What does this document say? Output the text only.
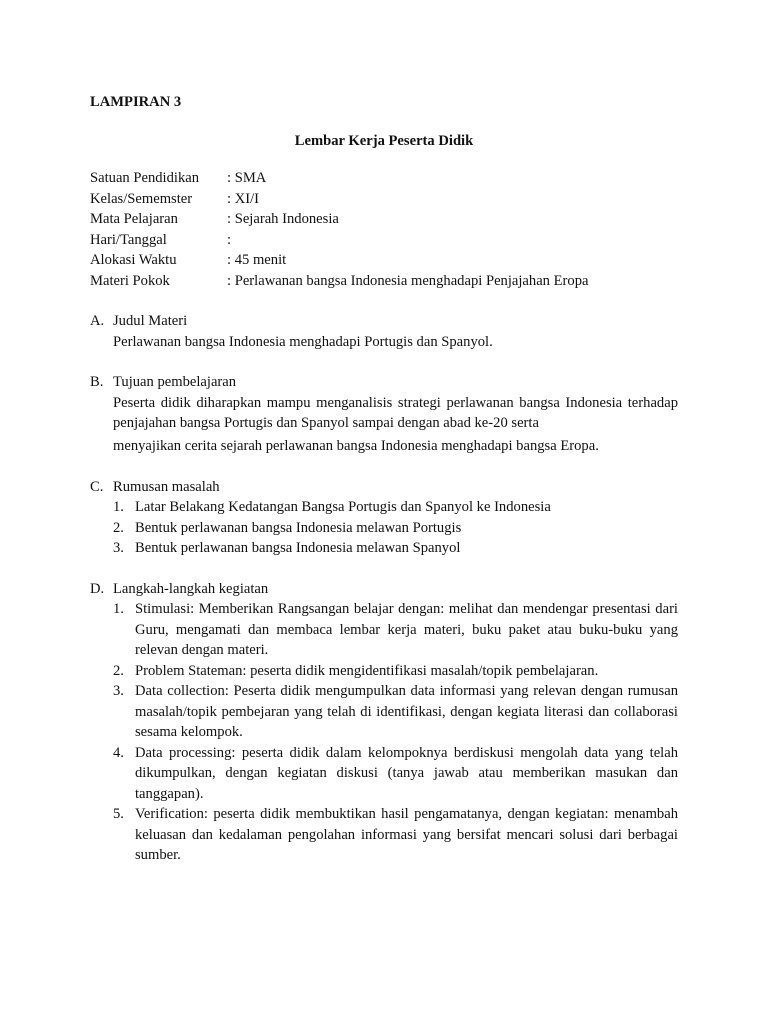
LAMPIRAN 3
Lembar Kerja Peserta Didik
Satuan Pendidikan	: SMA
Kelas/Sememster	: XI/I
Mata Pelajaran	: Sejarah Indonesia
Hari/Tanggal	:
Alokasi Waktu	: 45 menit
Materi Pokok	: Perlawanan bangsa Indonesia menghadapi Penjajahan Eropa
A. Judul Materi
Perlawanan bangsa Indonesia menghadapi Portugis dan Spanyol.
B. Tujuan pembelajaran
Peserta didik diharapkan mampu menganalisis strategi perlawanan bangsa Indonesia terhadap penjajahan bangsa Portugis dan Spanyol sampai dengan abad ke-20 serta
menyajikan cerita sejarah perlawanan bangsa Indonesia menghadapi bangsa Eropa.
C. Rumusan masalah
1. Latar Belakang Kedatangan Bangsa Portugis dan Spanyol ke Indonesia
2. Bentuk perlawanan bangsa Indonesia melawan Portugis
3. Bentuk perlawanan bangsa Indonesia melawan Spanyol
D. Langkah-langkah kegiatan
1. Stimulasi: Memberikan Rangsangan belajar dengan: melihat dan mendengar presentasi dari Guru, mengamati dan membaca lembar kerja materi, buku paket atau buku-buku yang relevan dengan materi.
2. Problem Stateman: peserta didik mengidentifikasi masalah/topik pembelajaran.
3. Data collection: Peserta didik mengumpulkan data informasi yang relevan dengan rumusan masalah/topik pembejaran yang telah di identifikasi, dengan kegiata literasi dan collaborasi sesama kelompok.
4. Data processing: peserta didik dalam kelompoknya berdiskusi mengolah data yang telah dikumpulkan, dengan kegiatan diskusi (tanya jawab atau memberikan masukan dan tanggapan).
5. Verification: peserta didik membuktikan hasil pengamatanya, dengan kegiatan: menambah keluasan dan kedalaman pengolahan informasi yang bersifat mencari solusi dari berbagai sumber.
